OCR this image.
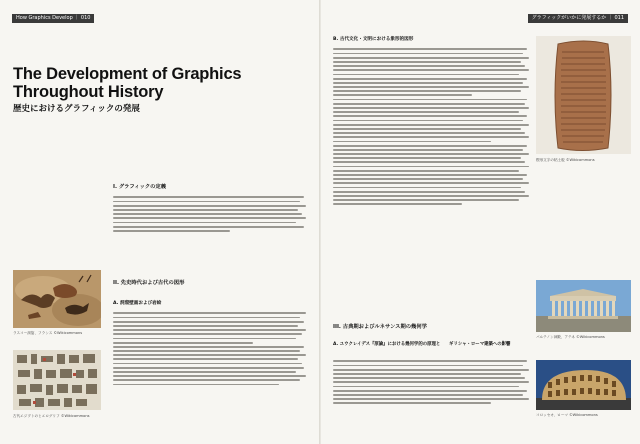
How Graphics Develop ｜ 010
The Development of Graphics Throughout History
歴史におけるグラフィックの発展
I. グラフィックの定義
II. 先史時代および古代の図形
A. 洞窟壁画および岩絵
ラスコー洞窟、フランス ©Wikicommons
古代エジプトのヒエログリフ ©Wikicommons
グラフィックがいかに発展するか ｜ 011
B. 古代文化・文明における象形的図形
III. 古典期およびルネサンス期の幾何学
A. ユウクレイデス『原論』における幾何学的の原理と　　ギリシャ・ローマ建築への影響
楔形文字の粘土板 ©Wikicommons
パルテノン神殿、アテネ ©Wikicommons
コロッセオ、ローマ ©Wikicommons
